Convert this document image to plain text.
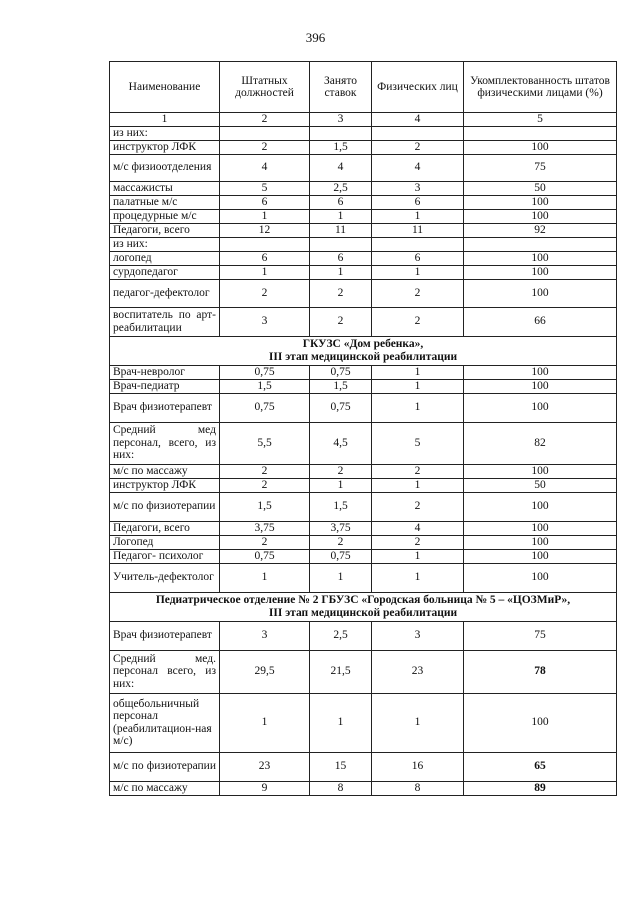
396
Наименование	Штатных должностей	Занято ставок	Физических лиц	Укомплектованность штатов физическими лицами (%)
1	2	3	4	5
из них:				
инструктор ЛФК	2	1,5	2	100
м/с физиоотделения	4	4	4	75
массажисты	5	2,5	3	50
палатные м/с	6	6	6	100
процедурные м/с	1	1	1	100
Педагоги, всего	12	11	11	92
из них:				
логопед	6	6	6	100
сурдопедагог	1	1	1	100
педагог-дефектолог	2	2	2	100
воспитатель по арт-реабилитации	3	2	2	66

ГКУЗС «Дом ребенка»,
III этап медицинской реабилитации				

Врач-невролог	0,75	0,75	1	100
Врач-педиатр	1,5	1,5	1	100
Врач физиотерапевт	0,75	0,75	1	100
Средний мед персонал, всего, из них:	5,5	4,5	5	82
м/с по массажу	2	2	2	100
инструктор ЛФК	2	1	1	50
м/с по физиотерапии	1,5	1,5	2	100
Педагоги, всего	3,75	3,75	4	100
Логопед	2	2	2	100
Педагог- психолог	0,75	0,75	1	100
Учитель-дефектолог	1	1	1	100

Педиатрическое отделение № 2 ГБУЗС «Городская больница № 5 – «ЦОЗМиР»,
III этап медицинской реабилитации				

Врач физиотерапевт	3	2,5	3	75
Средний мед. персонал всего, из них:	29,5	21,5	23	78
общебольничный персонал (реабилитацион-ная м/с)	1	1	1	100
м/с по физиотерапии	23	15	16	65
м/с по массажу	9	8	8	89
